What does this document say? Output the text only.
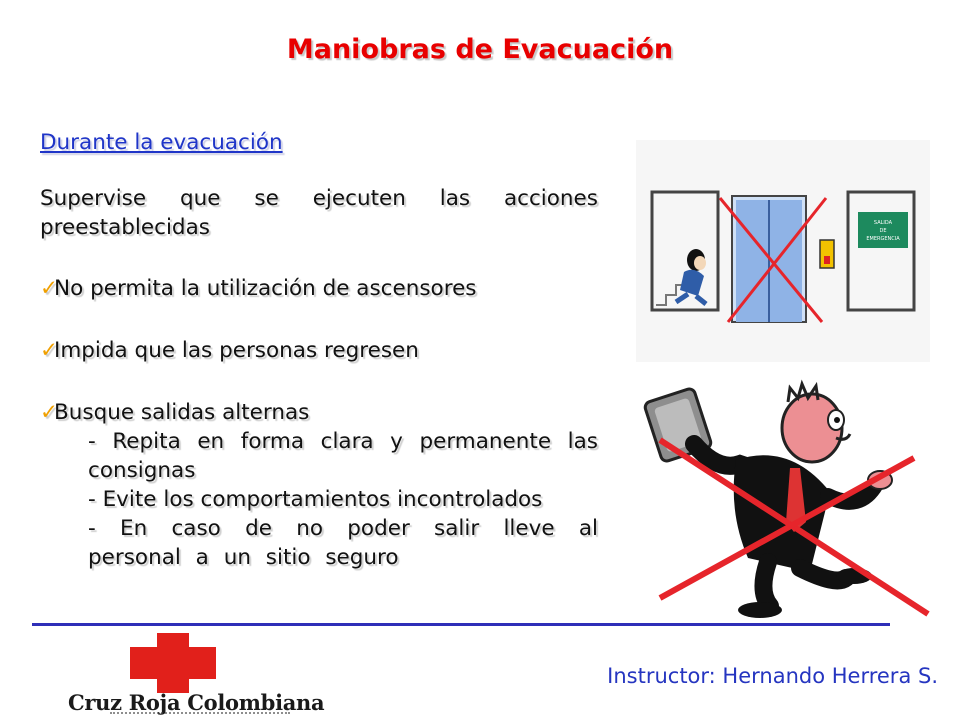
Maniobras de Evacuación
Durante la evacuación
Supervise que se ejecuten las acciones preestablecidas
✓
No permita la utilización de ascensores
✓
Impida que las personas regresen
✓
Busque salidas alternas
- Repita en forma clara y permanente las consignas
- Evite los comportamientos incontrolados
- En caso de no poder salir lleve al personal a un sitio seguro
SALIDA
DE
EMERGENCIA
Cruz Roja Colombiana
Instructor: Hernando Herrera S.
